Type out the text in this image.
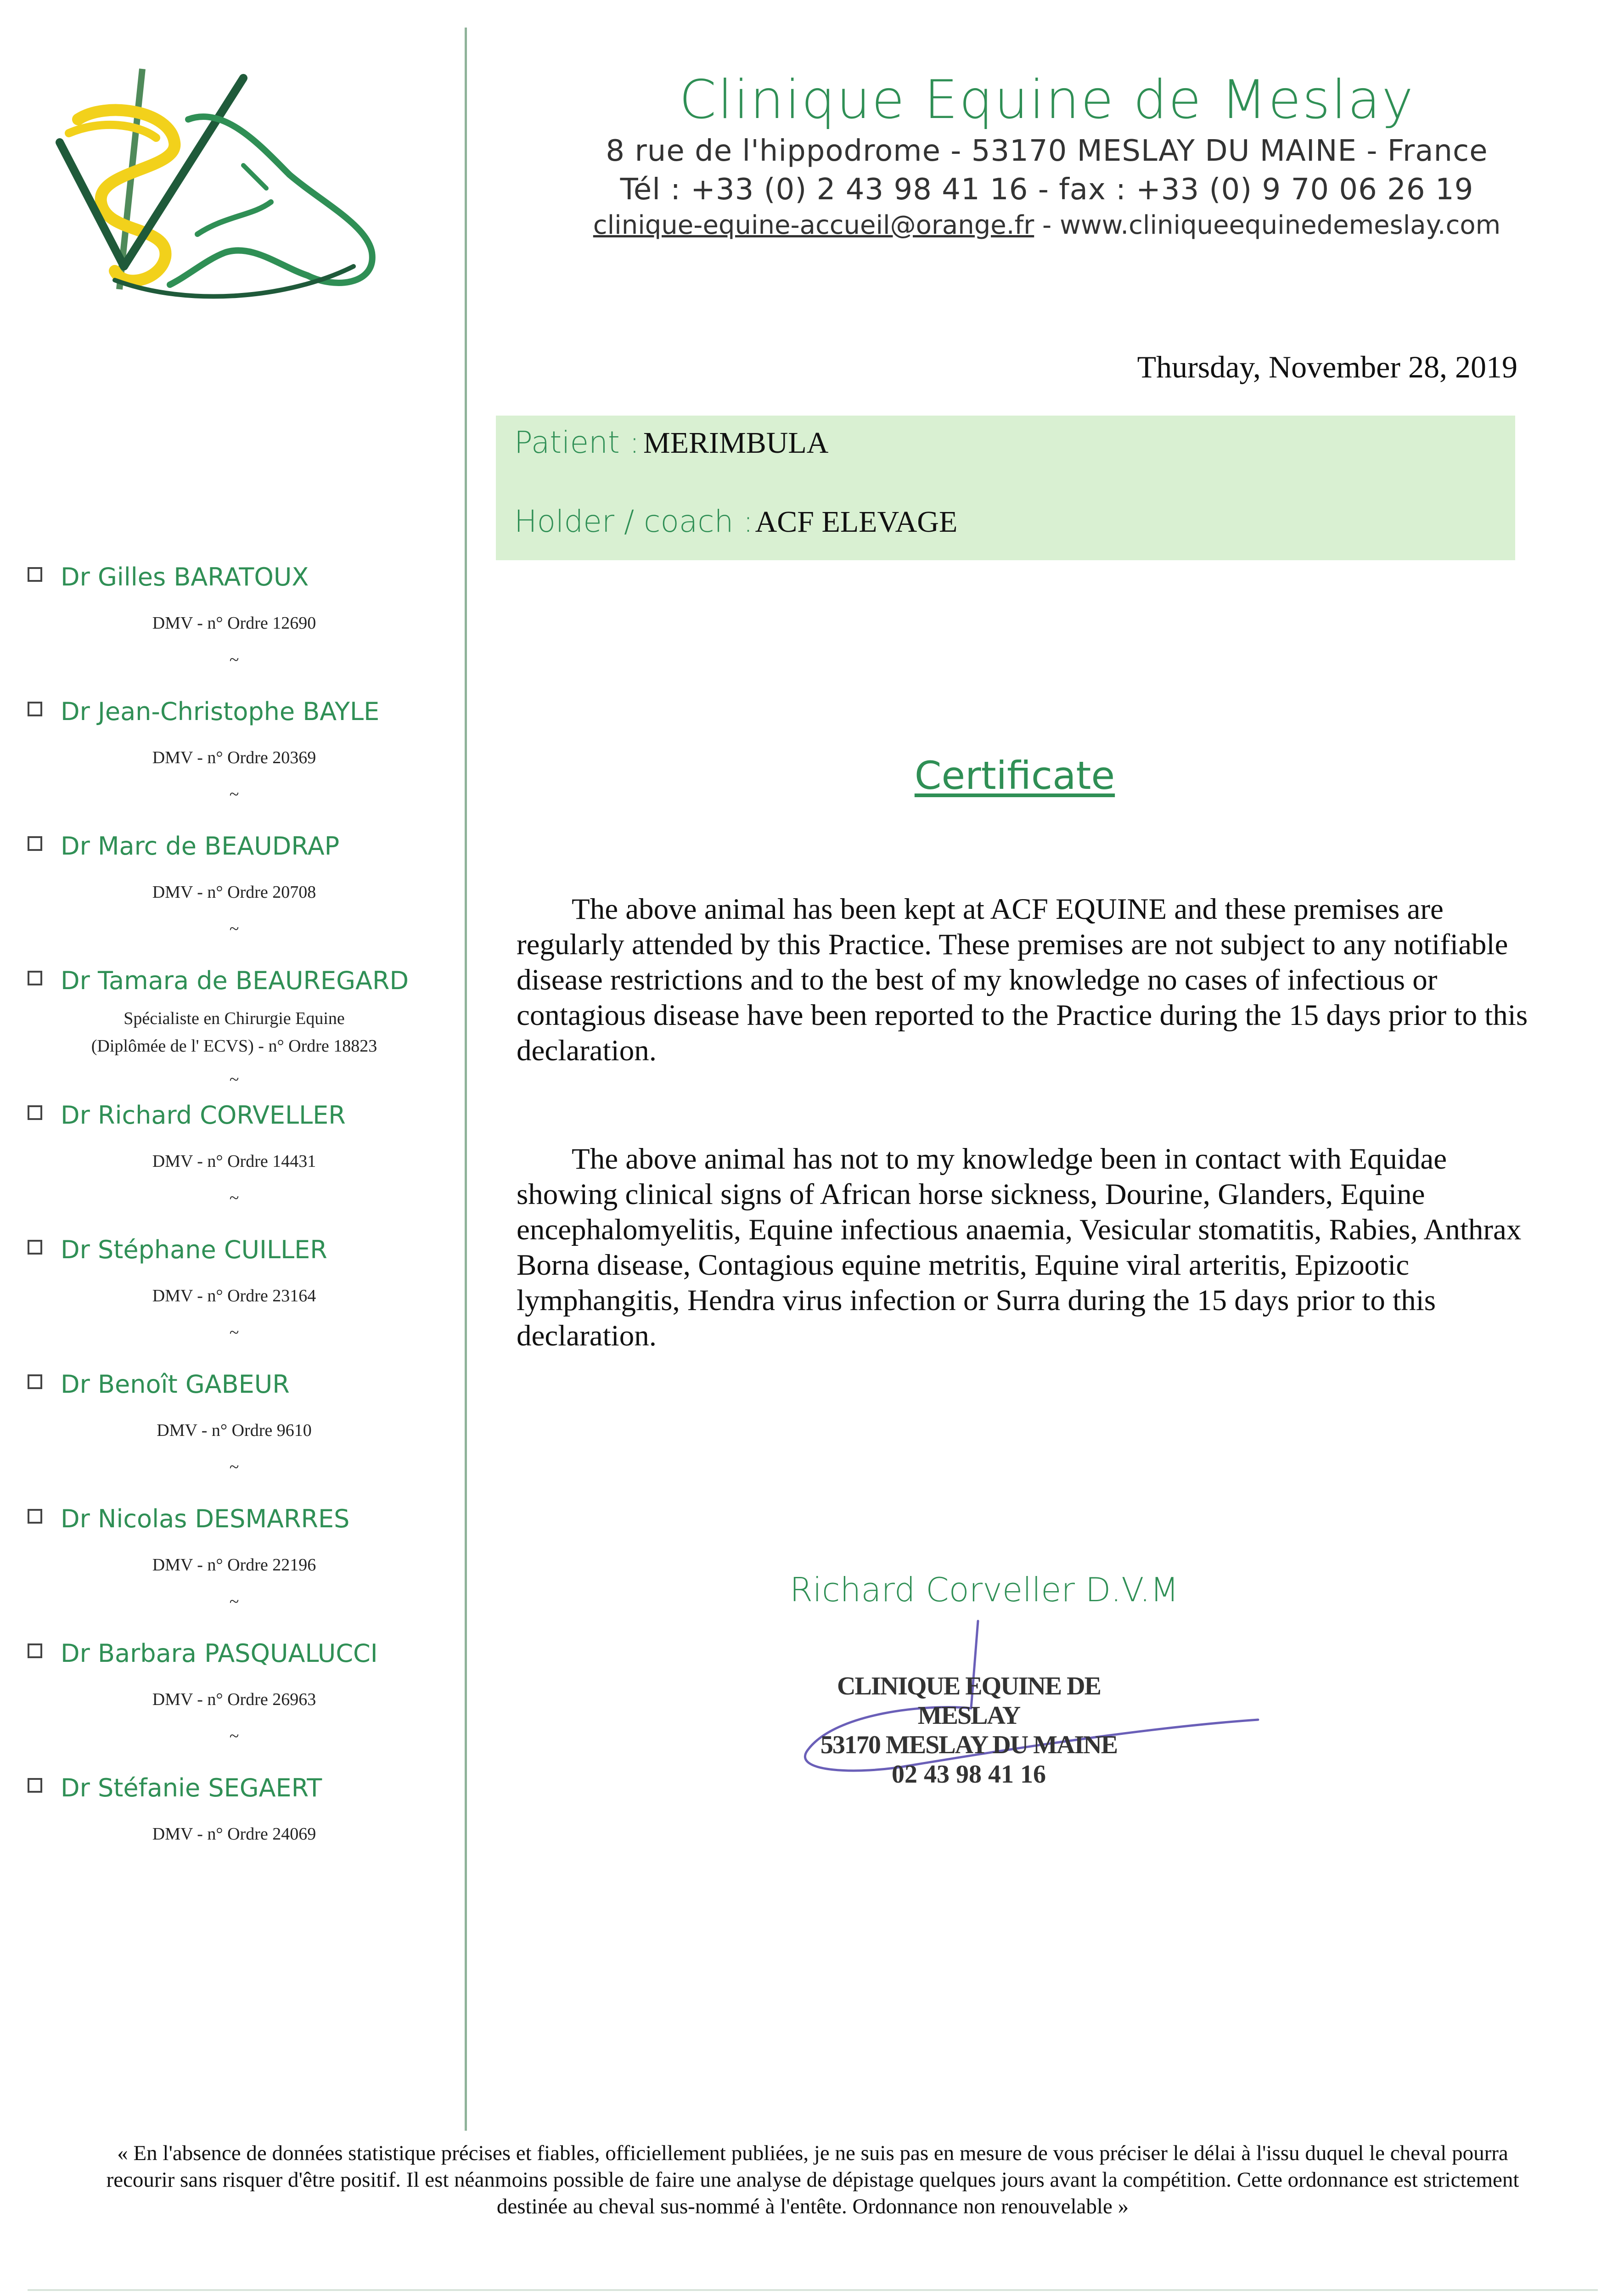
Clinique Equine de Meslay
8 rue de l'hippodrome - 53170 MESLAY DU MAINE - France
Tél : +33 (0) 2 43 98 41 16 - fax : +33 (0) 9 70 06 26 19
clinique-equine-accueil@orange.fr - www.cliniqueequinedemeslay.com
Thursday, November 28, 2019
Patient : MERIMBULA
Holder / coach : ACF ELEVAGE
Dr Gilles BARATOUX
DMV - n° Ordre 12690
~
Dr Jean-Christophe BAYLE
DMV - n° Ordre 20369
~
Dr Marc de BEAUDRAP
DMV - n° Ordre 20708
~
Dr Tamara de BEAUREGARD
Spécialiste en Chirurgie Equine
(Diplômée de l' ECVS) - n° Ordre 18823
~
Dr Richard CORVELLER
DMV - n° Ordre 14431
~
Dr Stéphane CUILLER
DMV - n° Ordre 23164
~
Dr Benoît GABEUR
DMV - n° Ordre 9610
~
Dr Nicolas DESMARRES
DMV - n° Ordre 22196
~
Dr Barbara PASQUALUCCI
DMV - n° Ordre 26963
~
Dr Stéfanie SEGAERT
DMV - n° Ordre 24069
Certificate
The above animal has been kept at ACF EQUINE and these premises are regularly attended by this Practice. These premises are not subject to any notifiable disease restrictions and to the best of my knowledge no cases of infectious or contagious disease have been reported to the Practice during the 15 days prior to this declaration.
The above animal has not to my knowledge been in contact with Equidae showing clinical signs of African horse sickness, Dourine, Glanders, Equine encephalomyelitis, Equine infectious anaemia, Vesicular stomatitis, Rabies, Anthrax Borna disease, Contagious equine metritis, Equine viral arteritis, Epizootic lymphangitis, Hendra virus infection or Surra during the 15 days prior to this declaration.
Richard Corveller D.V.M
CLINIQUE EQUINE DE MESLAY
53170 MESLAY DU MAINE
02 43 98 41 16
« En l'absence de données statistique précises et fiables, officiellement publiées, je ne suis pas en mesure de vous préciser le délai à l'issu duquel le cheval pourra recourir sans risquer d'être positif. Il est néanmoins possible de faire une analyse de dépistage quelques jours avant la compétition. Cette ordonnance est strictement destinée au cheval sus-nommé à l'entête. Ordonnance non renouvelable »
